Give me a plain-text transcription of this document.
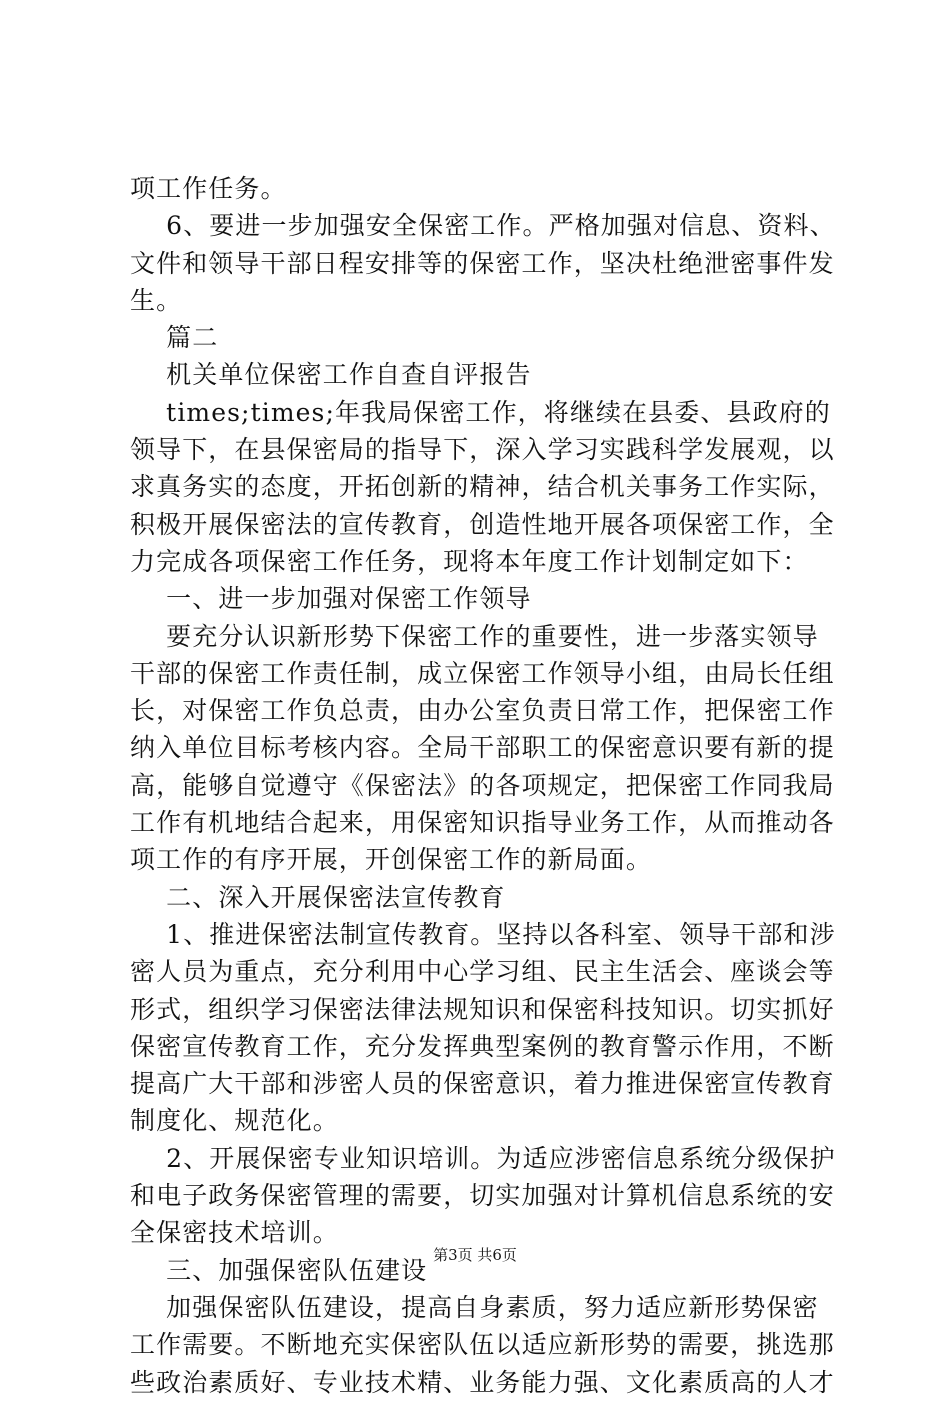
项工作任务。
6、要进一步加强安全保密工作。严格加强对信息、资料、
文件和领导干部日程安排等的保密工作，坚决杜绝泄密事件发
生。
篇二
机关单位保密工作自查自评报告
times;times;年我局保密工作，将继续在县委、县政府的
领导下，在县保密局的指导下，深入学习实践科学发展观，以
求真务实的态度，开拓创新的精神，结合机关事务工作实际，
积极开展保密法的宣传教育，创造性地开展各项保密工作，全
力完成各项保密工作任务，现将本年度工作计划制定如下：
一、进一步加强对保密工作领导
要充分认识新形势下保密工作的重要性，进一步落实领导
干部的保密工作责任制，成立保密工作领导小组，由局长任组
长，对保密工作负总责，由办公室负责日常工作，把保密工作
纳入单位目标考核内容。全局干部职工的保密意识要有新的提
高，能够自觉遵守《保密法》的各项规定，把保密工作同我局
工作有机地结合起来，用保密知识指导业务工作，从而推动各
项工作的有序开展，开创保密工作的新局面。
二、深入开展保密法宣传教育
1、推进保密法制宣传教育。坚持以各科室、领导干部和涉
密人员为重点，充分利用中心学习组、民主生活会、座谈会等
形式，组织学习保密法律法规知识和保密科技知识。切实抓好
保密宣传教育工作，充分发挥典型案例的教育警示作用，不断
提高广大干部和涉密人员的保密意识，着力推进保密宣传教育
制度化、规范化。
2、开展保密专业知识培训。为适应涉密信息系统分级保护
和电子政务保密管理的需要，切实加强对计算机信息系统的安
全保密技术培训。
三、加强保密队伍建设
加强保密队伍建设，提高自身素质，努力适应新形势保密
工作需要。不断地充实保密队伍以适应新形势的需要，挑选那
些政治素质好、专业技术精、业务能力强、文化素质高的人才
第3页 共6页
